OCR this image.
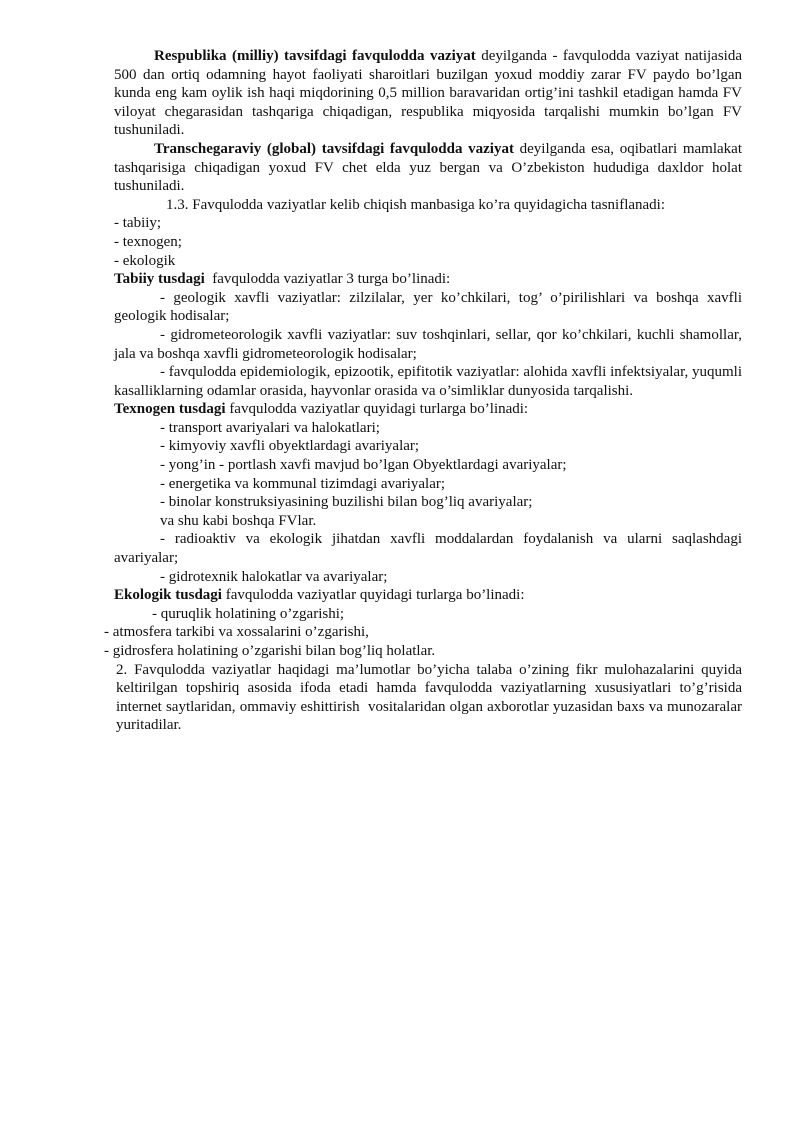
Respublika (milliy) tavsifdagi favqulodda vaziyat deyilganda - favqulodda vaziyat natijasida 500 dan ortiq odamning hayot faoliyati sharoitlari buzilgan yoxud moddiy zarar FV paydo bo’lgan kunda eng kam oylik ish haqi miqdorining 0,5 million baravaridan ortig’ini tashkil etadigan hamda FV viloyat chegarasidan tashqariga chiqadigan, respublika miqyosida tarqalishi mumkin bo’lgan FV tushuniladi.

Transchegaraviy (global) tavsifdagi favqulodda vaziyat deyilganda esa, oqibatlari mamlakat tashqarisiga chiqadigan yoxud FV chet elda yuz bergan va O’zbekiston hududiga daxldor holat tushuniladi.

1.3. Favqulodda vaziyatlar kelib chiqish manbasiga ko’ra quyidagicha tasniflanadi:

- tabiiy;

- texnogen;

- ekologik

Tabiiy tusdagi  favqulodda vaziyatlar 3 turga bo’linadi:

- geologik xavfli vaziyatlar: zilzilalar, yer ko’chkilari, tog’ o’pirilishlari va boshqa xavfli geologik hodisalar;

- gidrometeorologik xavfli vaziyatlar: suv toshqinlari, sellar, qor ko’chkilari, kuchli shamollar, jala va boshqa xavfli gidrometeorologik hodisalar;

- favqulodda epidemiologik, epizootik, epifitotik vaziyatlar: alohida xavfli infektsiyalar, yuqumli kasalliklarning odamlar orasida, hayvonlar orasida va o’simliklar dunyosida tarqalishi.

Texnogen tusdagi favqulodda vaziyatlar quyidagi turlarga bo’linadi:

- transport avariyalari va halokatlari;

- kimyoviy xavfli obyektlardagi avariyalar;

- yong’in - portlash xavfi mavjud bo’lgan Obyektlardagi avariyalar;

- energetika va kommunal tizimdagi avariyalar;

- binolar konstruksiyasining buzilishi bilan bog’liq avariyalar;

va shu kabi boshqa FVlar.

- radioaktiv va ekologik jihatdan xavfli moddalardan foydalanish va ularni saqlashdagi avariyalar;

- gidrotexnik halokatlar va avariyalar;

Ekologik tusdagi favqulodda vaziyatlar quyidagi turlarga bo’linadi:

- quruqlik holatining o’zgarishi;

- atmosfera tarkibi va xossalarini o’zgarishi,

- gidrosfera holatining o’zgarishi bilan bog’liq holatlar.

2. Favqulodda vaziyatlar haqidagi ma’lumotlar bo’yicha talaba o’zining fikr mulohazalarini quyida keltirilgan topshiriq asosida ifoda etadi hamda favqulodda vaziyatlarning xususiyatlari to’g’risida internet saytlaridan, ommaviy eshittirish  vositalaridan olgan axborotlar yuzasidan baxs va munozaralar yuritadilar.
